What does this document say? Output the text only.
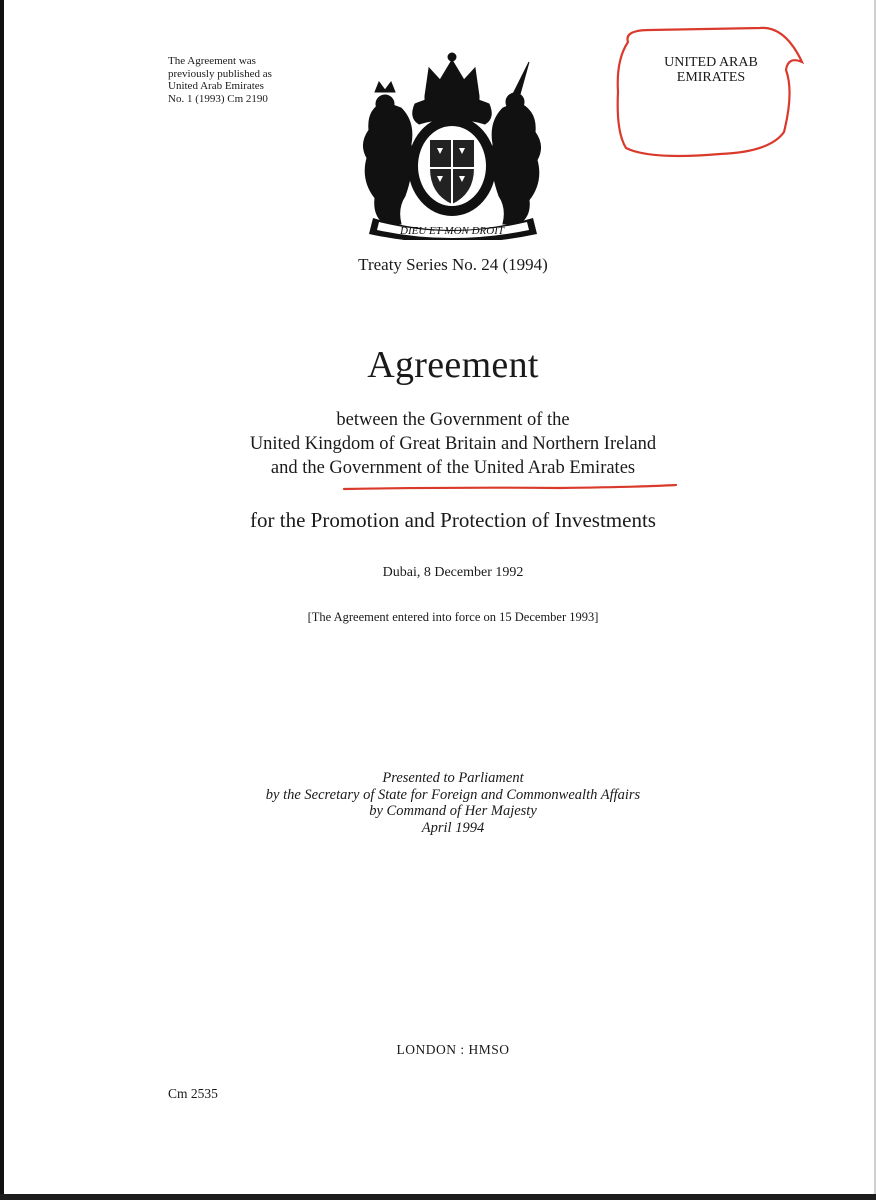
The Agreement was
previously published as
United Arab Emirates
No. 1 (1993) Cm 2190
DIEU ET MON DROIT
UNITED ARAB
EMIRATES
Treaty Series No. 24 (1994)
Agreement
between the Government of the
United Kingdom of Great Britain and Northern Ireland
and the Government of the United Arab Emirates
for the Promotion and Protection of Investments
Dubai, 8 December 1992
[The Agreement entered into force on 15 December 1993]
Presented to Parliament
by the Secretary of State for Foreign and Commonwealth Affairs
by Command of Her Majesty
April 1994
LONDON : HMSO
Cm 2535
